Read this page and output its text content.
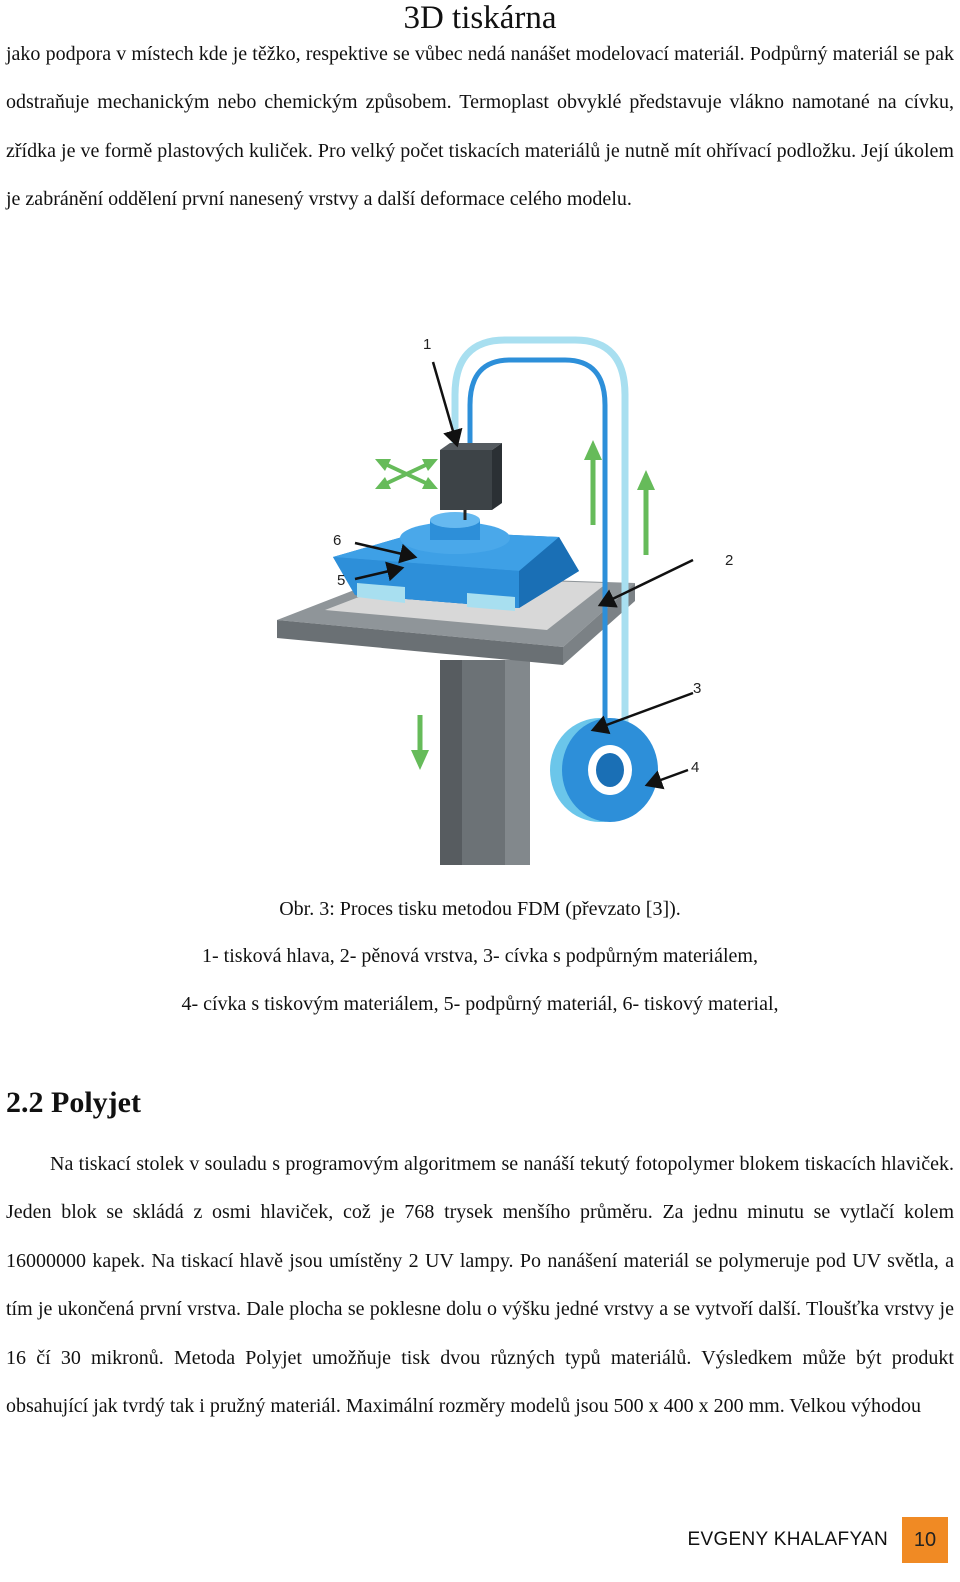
3D tiskárna

jako podpora v místech kde je těžko, respektive se vůbec nedá nanášet modelovací materiál. Podpůrný materiál se pak odstraňuje mechanickým nebo chemickým způsobem. Termoplast obvyklé představuje vlákno namotané na cívku, zřídka je ve formě plastových kuliček. Pro velký počet tiskacích materiálů je nutně mít ohřívací podložku. Její úkolem je zabránění oddělení první nanesený vrstvy a další deformace celého modelu.

1
2
3
4
5
6
Obr. 3: Proces tisku metodou FDM (převzato [3]).
1- tisková hlava, 2- pěnová vrstva, 3- cívka s podpůrným materiálem,
4- cívka s tiskovým materiálem, 5- podpůrný materiál, 6- tiskový material,
2.2 Polyjet

Na tiskací stolek v souladu s programovým algoritmem se nanáší tekutý fotopolymer blokem tiskacích hlaviček. Jeden blok se skládá z osmi hlaviček, což je 768 trysek menšího průměru. Za jednu minutu se vytlačí kolem 16000000 kapek. Na tiskací hlavě jsou umístěny 2 UV lampy. Po nanášení materiál se polymeruje pod UV světla, a tím je ukončená první vrstva. Dale plocha se poklesne dolu o výšku jedné vrstvy a se vytvoří další. Tloušťka vrstvy je 16 čí 30 mikronů. Metoda Polyjet umožňuje tisk dvou různých typů materiálů. Výsledkem může být produkt obsahující jak tvrdý tak i pružný materiál. Maximální rozměry modelů jsou 500 x 400 x 200 mm. Velkou výhodou

EVGENY KHALAFYAN	10
